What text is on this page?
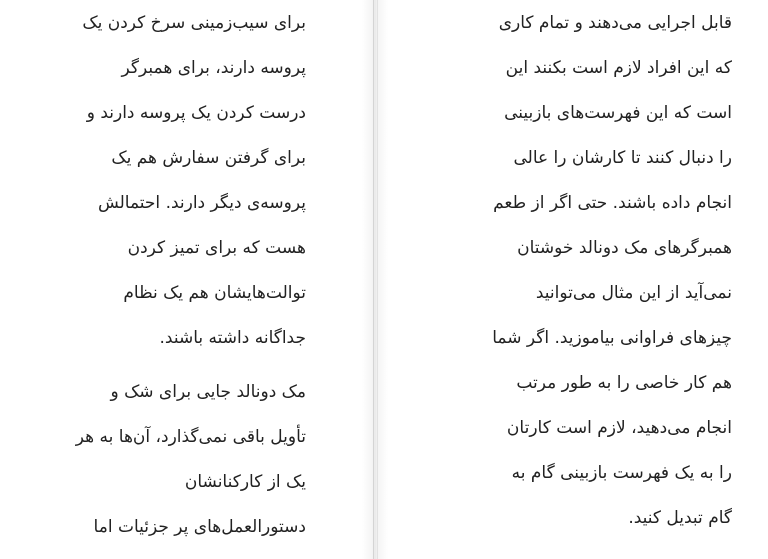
برای سیب‌زمینی سرخ کردن یک
پروسه دارند، برای همبرگر
درست کردن یک پروسه دارند و
برای گرفتن سفارش هم یک
پروسه‌ی دیگر دارند. احتمالش
هست که برای تمیز کردن
توالت‌هایشان هم یک نظام
جداگانه داشته باشند.

مک دونالد جایی برای شک و
تأویل باقی نمی‌گذارد، آن‌ها به هر
یک از کارکنانشان
دستورالعمل‌های پر جزئیات اما

قابل اجرایی می‌دهند و تمام کاری
که این افراد لازم است بکنند این
است که این فهرست‌های بازبینی
را دنبال کنند تا کارشان را عالی
انجام داده باشند. حتی اگر از طعم
همبرگرهای مک دونالد خوشتان
نمی‌آید از این مثال می‌توانید
چیزهای فراوانی بیاموزید. اگر شما
هم کار خاصی را به طور مرتب
انجام می‌دهید، لازم است کارتان
را به یک فهرست بازبینی گام به
گام تبدیل کنید.
